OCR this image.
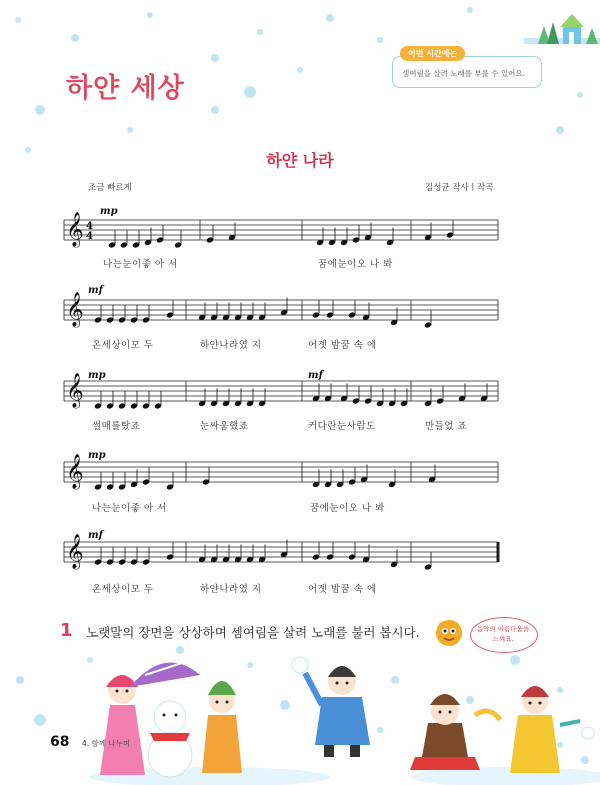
하얀 세상
이번 시간에는
셈여림을 살려 노래를 부를 수 있어요.
하얀 나라
조금 빠르게	김성균 작사ㅣ작곡
𝄞 4
4
𝄞
𝄞
𝄞
𝄞
mp
mf
mp	mf
mp
mf
나는눈이좋 아 서	꿈에눈이오 나 봐
온세상이모 두	하얀나라였 지	어젯 밤꿈 속 에
썰매를탔죠	눈싸움했죠	커다란눈사람도	만들었 죠
나는눈이좋 아 서	꿈에눈이오 나 봐
온세상이모 두	하얀나라였 지	어젯 밤꿈 속 에
1 노랫말의 장면을 상상하며 셈여림을 살려 노래를 불러 봅시다.	음악의 아름다움을
느껴요.
68 4. 함께 나누며
